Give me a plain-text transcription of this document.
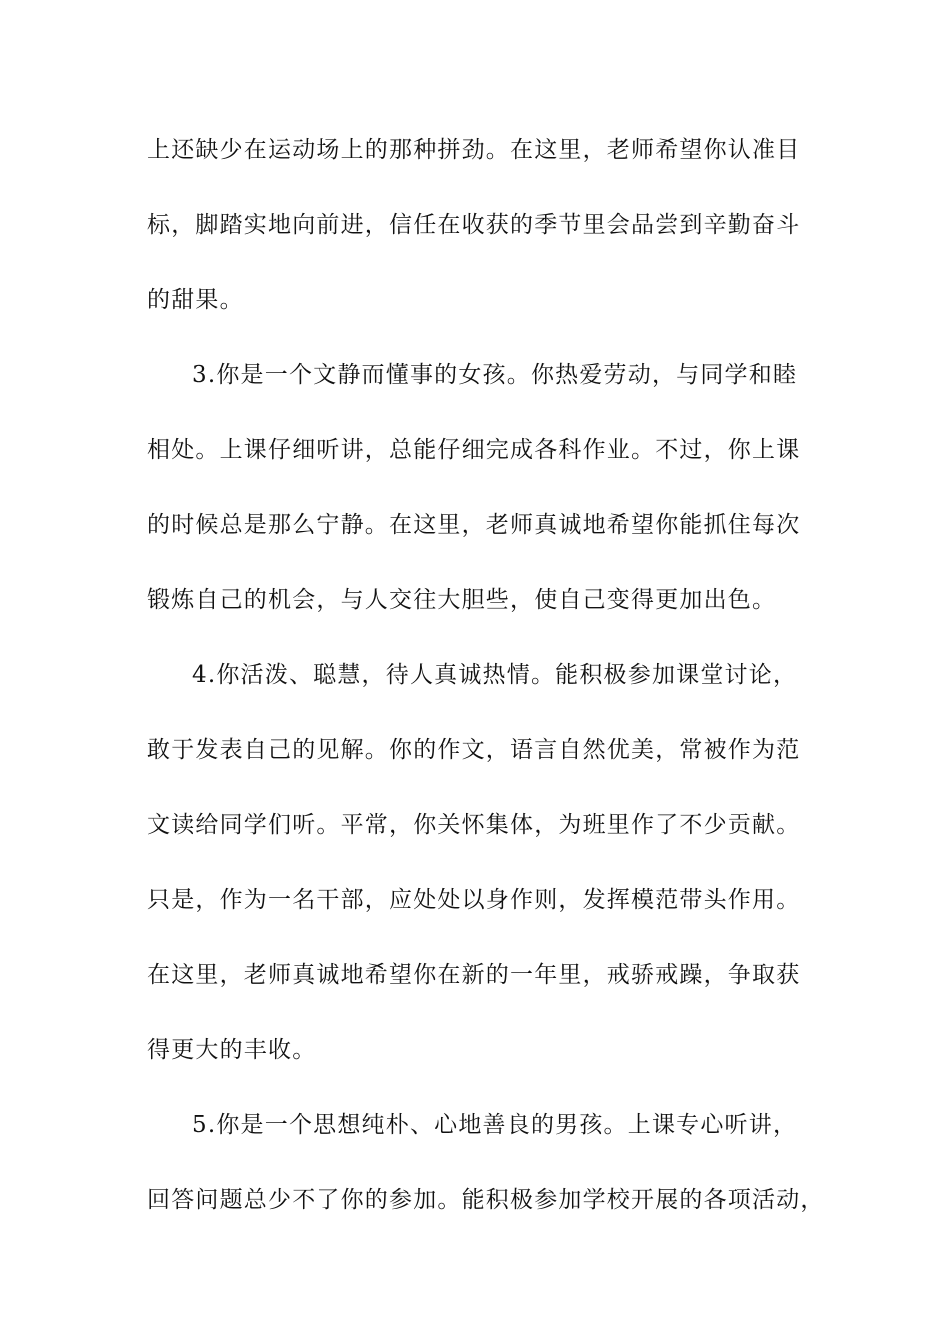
上还缺少在运动场上的那种拼劲。在这里，老师希望你认准目
标，脚踏实地向前进，信任在收获的季节里会品尝到辛勤奋斗
的甜果。
3.你是一个文静而懂事的女孩。你热爱劳动，与同学和睦
相处。上课仔细听讲，总能仔细完成各科作业。不过，你上课
的时候总是那么宁静。在这里，老师真诚地希望你能抓住每次
锻炼自己的机会，与人交往大胆些，使自己变得更加出色。
4.你活泼、聪慧，待人真诚热情。能积极参加课堂讨论，
敢于发表自己的见解。你的作文，语言自然优美，常被作为范
文读给同学们听。平常，你关怀集体，为班里作了不少贡献。
只是，作为一名干部，应处处以身作则，发挥模范带头作用。
在这里，老师真诚地希望你在新的一年里，戒骄戒躁，争取获
得更大的丰收。
5.你是一个思想纯朴、心地善良的男孩。上课专心听讲，
回答问题总少不了你的参加。能积极参加学校开展的各项活动，
